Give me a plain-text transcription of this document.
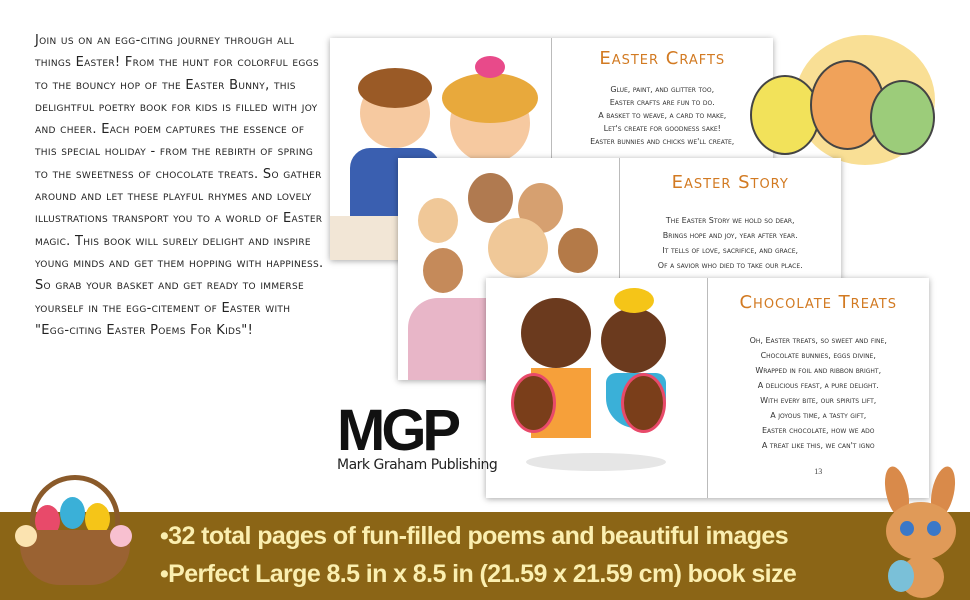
Join us on an egg-citing journey through all things Easter! From the hunt for colorful eggs to the bouncy hop of the Easter Bunny, this delightful poetry book for kids is filled with joy and cheer. Each poem captures the essence of this special holiday - from the rebirth of spring to the sweetness of chocolate treats. So gather around and let these playful rhymes and lovely illustrations transport you to a world of Easter magic. This book will surely delight and inspire young minds and get them hopping with happiness. So grab your basket and get ready to immerse yourself in the egg-citement of Easter with "Egg-citing Easter Poems For Kids"!
Easter Crafts

Glue, paint, and glitter too,

Easter crafts are fun to do.

A basket to weave, a card to make,

Let's create for goodness sake!

Easter bunnies and chicks we'll create,

Easter Story

The Easter Story we hold so dear,

Brings hope and joy, year after year.

It tells of love, sacrifice, and grace,

Of a savior who died to take our place.

Chocolate Treats

Oh, Easter treats, so sweet and fine,

Chocolate bunnies, eggs divine,

Wrapped in foil and ribbon bright,

A delicious feast, a pure delight.

With every bite, our spirits lift,

A joyous time, a tasty gift,

Easter chocolate, how we ado

A treat like this, we can't igno

13
MGP
Mark Graham Publishing
•32 total pages of fun-filled poems and beautiful images
•Perfect Large 8.5 in x 8.5 in (21.59 x 21.59 cm) book size
